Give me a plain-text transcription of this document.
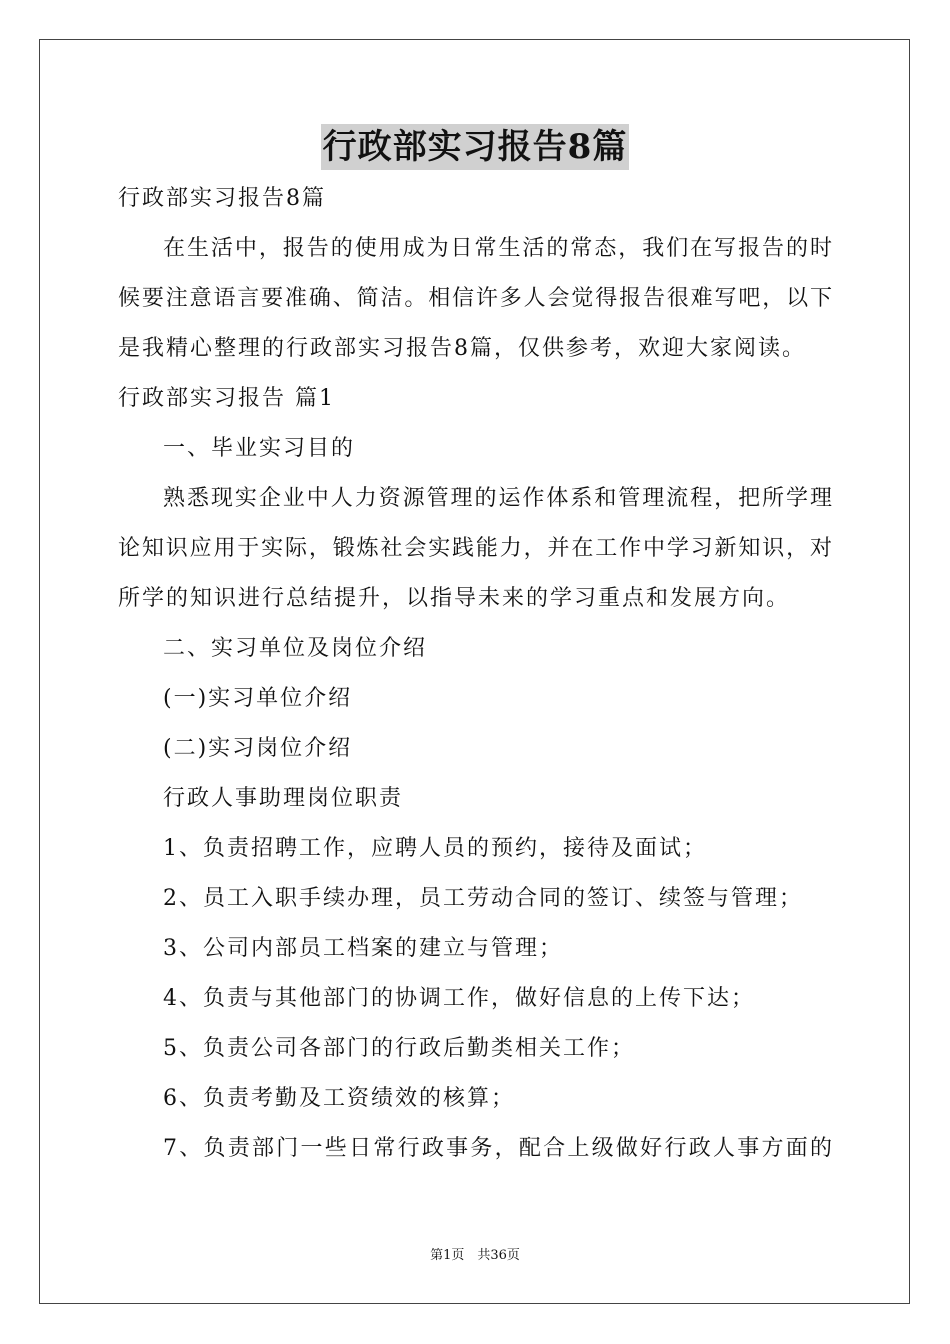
行政部实习报告8篇
行政部实习报告8篇
在生活中，报告的使用成为日常生活的常态，我们在写报告的时
候要注意语言要准确、简洁。相信许多人会觉得报告很难写吧，以下
是我精心整理的行政部实习报告8篇，仅供参考，欢迎大家阅读。
行政部实习报告 篇1
一、毕业实习目的
熟悉现实企业中人力资源管理的运作体系和管理流程，把所学理
论知识应用于实际，锻炼社会实践能力，并在工作中学习新知识，对
所学的知识进行总结提升，以指导未来的学习重点和发展方向。
二、实习单位及岗位介绍
(一)实习单位介绍
(二)实习岗位介绍
行政人事助理岗位职责
1、负责招聘工作，应聘人员的预约，接待及面试；
2、员工入职手续办理，员工劳动合同的签订、续签与管理；
3、公司内部员工档案的建立与管理；
4、负责与其他部门的协调工作，做好信息的上传下达；
5、负责公司各部门的行政后勤类相关工作；
6、负责考勤及工资绩效的核算；
7、负责部门一些日常行政事务，配合上级做好行政人事方面的
第1页　共36页
